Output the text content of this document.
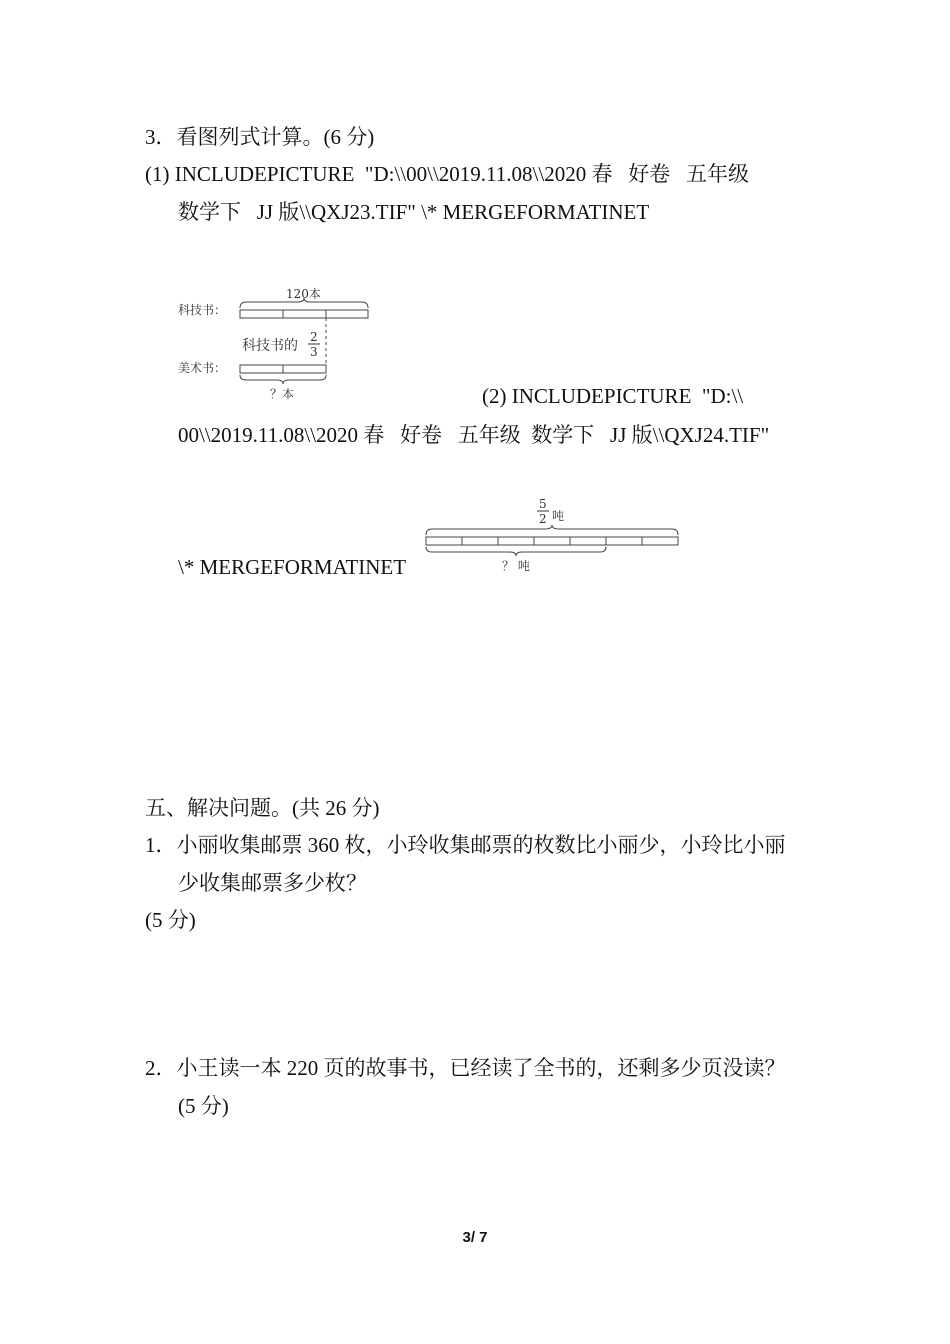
3．看图列式计算。(6 分)
(1) INCLUDEPICTURE  "D:\\00\\2019.11.08\\2020 春   好卷   五年级
数学下   JJ 版\\QXJ23.TIF" \* MERGEFORMATINET
科技书：
120本
科技书的
2
3
美术书：
？本	(2) INCLUDEPICTURE  "D:\\
00\\2019.11.08\\2020 春   好卷   五年级  数学下   JJ 版\\QXJ24.TIF"
5
2 吨
？ 吨
\* MERGEFORMATINET
五、解决问题。(共 26 分)
1．小丽收集邮票 360 枚，小玲收集邮票的枚数比小丽少，小玲比小丽
少收集邮票多少枚？
(5 分)
2．小王读一本 220 页的故事书，已经读了全书的，还剩多少页没读？
(5 分)
3/ 7
